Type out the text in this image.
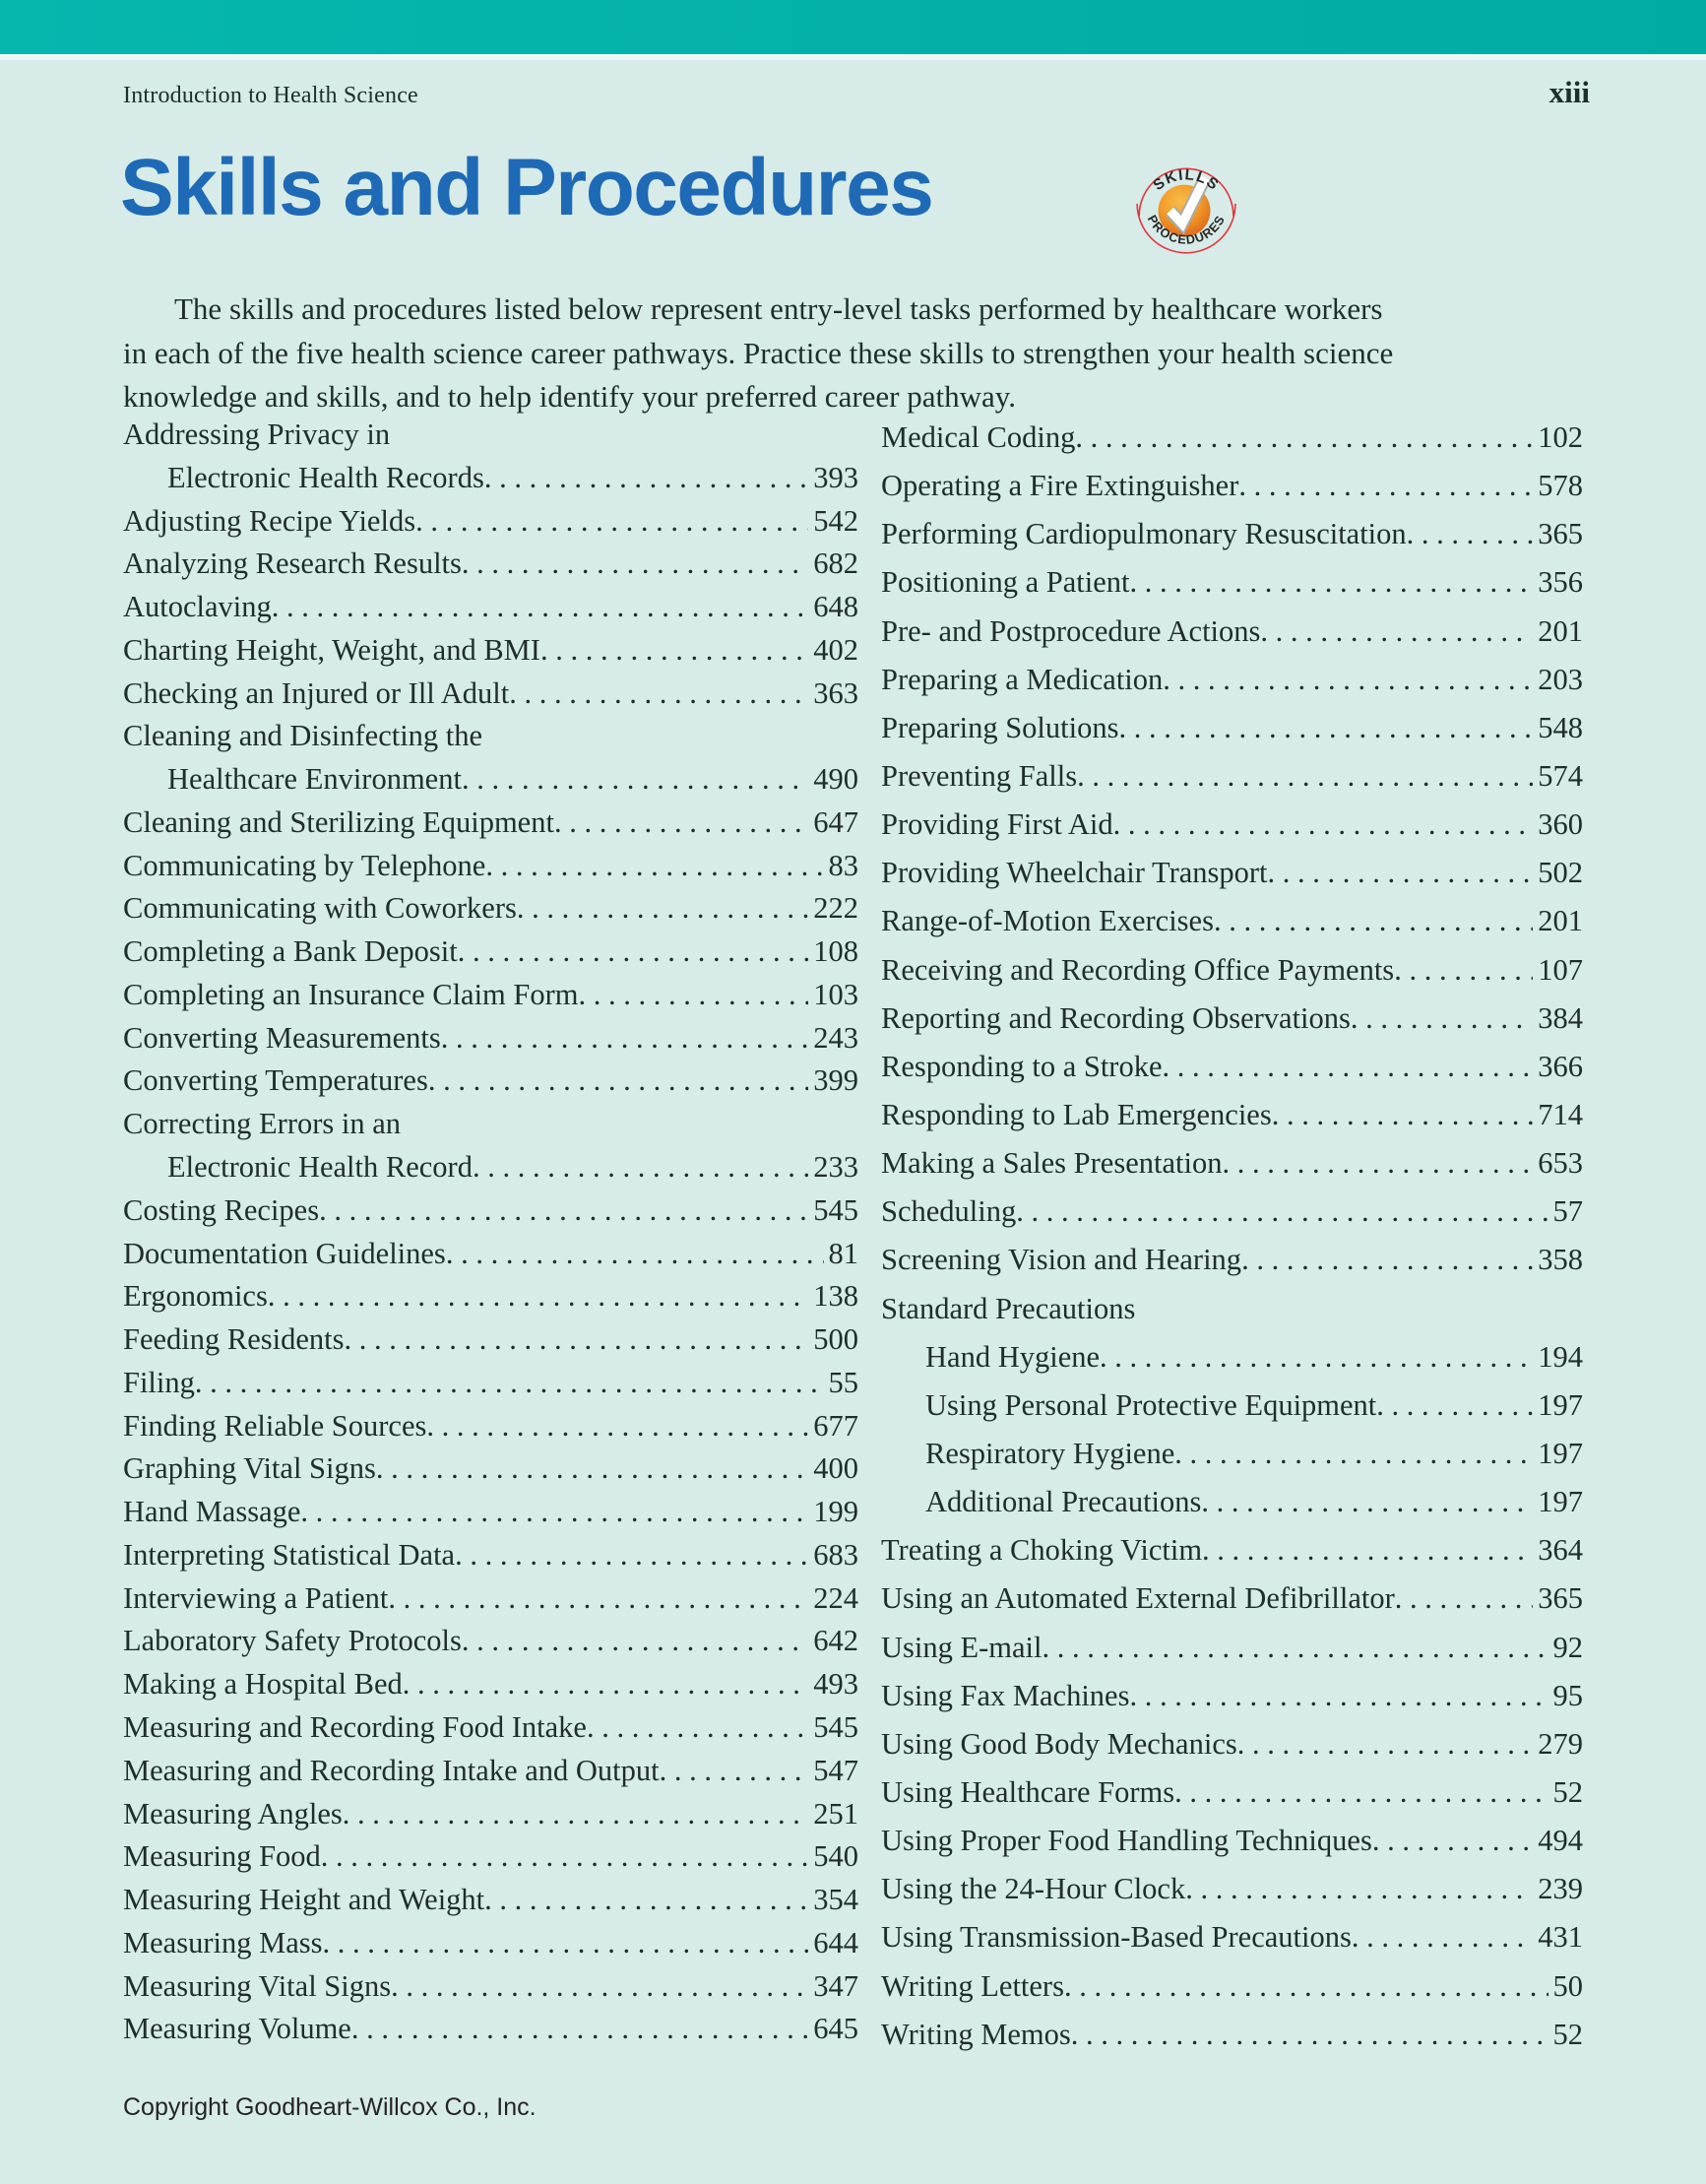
Introduction to Health Science	xiii
Skills and Procedures	SKILLS
PROCEDURES
The skills and procedures listed below represent entry-level tasks performed by healthcare workers
in each of the five health science career pathways. Practice these skills to strengthen your health science
knowledge and skills, and to help identify your preferred career pathway.
Addressing Privacy in
Electronic Health Records . . .	393
Adjusting Recipe Yields . . .	542
Analyzing Research Results . . .	682
Autoclaving . . .	648
Charting Height, Weight, and BMI . . .	402
Checking an Injured or Ill Adult . . .	363
Cleaning and Disinfecting the
Healthcare Environment . . .	490
Cleaning and Sterilizing Equipment . . .	647
Communicating by Telephone . . .	83
Communicating with Coworkers . . .	222
Completing a Bank Deposit . . .	108
Completing an Insurance Claim Form . . .	103
Converting Measurements . . .	243
Converting Temperatures . . .	399
Correcting Errors in an
Electronic Health Record . . .	233
Costing Recipes . . .	545
Documentation Guidelines . . .	81
Ergonomics . . .	138
Feeding Residents . . .	500
Filing . . .	55
Finding Reliable Sources . . .	677
Graphing Vital Signs . . .	400
Hand Massage . . .	199
Interpreting Statistical Data . . .	683
Interviewing a Patient . . .	224
Laboratory Safety Protocols . . .	642
Making a Hospital Bed . . .	493
Measuring and Recording Food Intake . . .	545
Measuring and Recording Intake and Output . . .	547
Measuring Angles . . .	251
Measuring Food . . .	540
Measuring Height and Weight . . .	354
Measuring Mass . . .	644
Measuring Vital Signs . . .	347
Measuring Volume . . .	645
Medical Coding . . .	102
Operating a Fire Extinguisher . . .	578
Performing Cardiopulmonary Resuscitation . . .	365
Positioning a Patient . . .	356
Pre- and Postprocedure Actions . . .	201
Preparing a Medication . . .	203
Preparing Solutions . . .	548
Preventing Falls . . .	574
Providing First Aid . . .	360
Providing Wheelchair Transport . . .	502
Range-of-Motion Exercises . . .	201
Receiving and Recording Office Payments . . .	107
Reporting and Recording Observations . . .	384
Responding to a Stroke . . .	366
Responding to Lab Emergencies . . .	714
Making a Sales Presentation . . .	653
Scheduling . . .	57
Screening Vision and Hearing . . .	358
Standard Precautions
Hand Hygiene . . .	194
Using Personal Protective Equipment . . .	197
Respiratory Hygiene . . .	197
Additional Precautions . . .	197
Treating a Choking Victim . . .	364
Using an Automated External Defibrillator . . .	365
Using E-mail . . .	92
Using Fax Machines . . .	95
Using Good Body Mechanics . . .	279
Using Healthcare Forms . . .	52
Using Proper Food Handling Techniques . . .	494
Using the 24-Hour Clock . . .	239
Using Transmission-Based Precautions . . .	431
Writing Letters . . .	50
Writing Memos . . .	52
Copyright Goodheart-Willcox Co., Inc.
